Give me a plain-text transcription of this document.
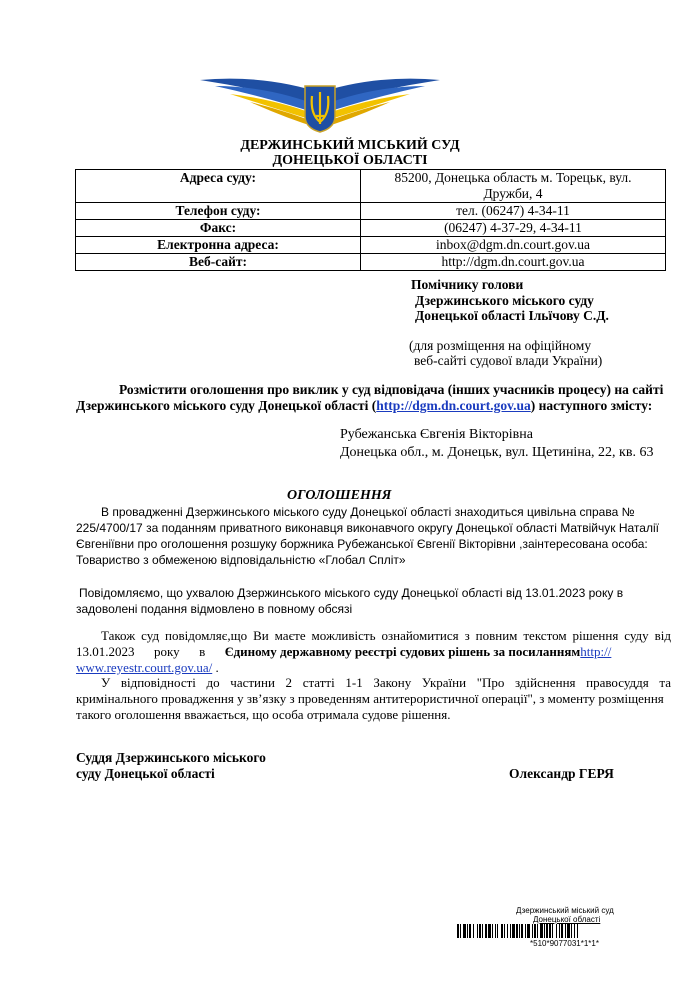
ДЕРЖИНСЬКИЙ МІСЬКИЙ СУД
ДОНЕЦЬКОЇ ОБЛАСТІ
Адреса суду:	85200, Донецька область м. Торецьк, вул.
Дружби, 4

Телефон суду:	тел. (06247) 4-34-11
Факс:	(06247) 4-37-29, 4-34-11
Електронна адреса:	inbox@dgm.dn.court.gov.ua
Веб-сайт:	http://dgm.dn.court.gov.ua
Помічнику голови
Дзержинського міського суду
Донецької області Ільїчову С.Д.
(для розміщення на офіційному
веб-сайті судової влади України)
Розмістити оголошення про виклик у суд відповідача (інших учасників процесу) на сайті
Дзержинського міського суду Донецької області (http://dgm.dn.court.gov.ua) наступного змісту:
Рубежанська Євгенія Вікторівна
Донецька обл., м. Донецьк, вул. Щетиніна, 22, кв. 63
ОГОЛОШЕННЯ
В провадженні Дзержинського міського суду Донецької області знаходиться цивільна справа №
225/4700/17 за поданням приватного виконавця виконавчого округу Донецької області Матвійчук Наталії
Євгеніївни про оголошення розшуку боржника Рубежанської Євгенії Вікторівни ,заінтересована особа:
Товариство з обмеженою відповідальністю «Глобал Спліт»
Повідомляємо, що ухвалою Дзержинського міського суду Донецької області від 13.01.2023 року в
задоволені подання відмовлено в повному обсязі
Також суд повідомляє,що Ви маєте можливість ознайомитися з повним текстом рішення суду від
13.01.2023      року      в Єдиному державному реєстрі судових рішень за посиланнямhttp://
www.reyestr.court.gov.ua/ .
У відповідності до частини 2 статті 1-1 Закону України "Про здійснення правосуддя та
кримінального провадження у зв’язку з проведенням антитерористичної операції", з моменту розміщення
такого оголошення вважається, що особа отримала судове рішення.
Суддя Дзержинського міського
суду Донецької області	Олександр ГЕРЯ
Дзержинський міський суд
Донецької області
*510*9077031*1*1*
